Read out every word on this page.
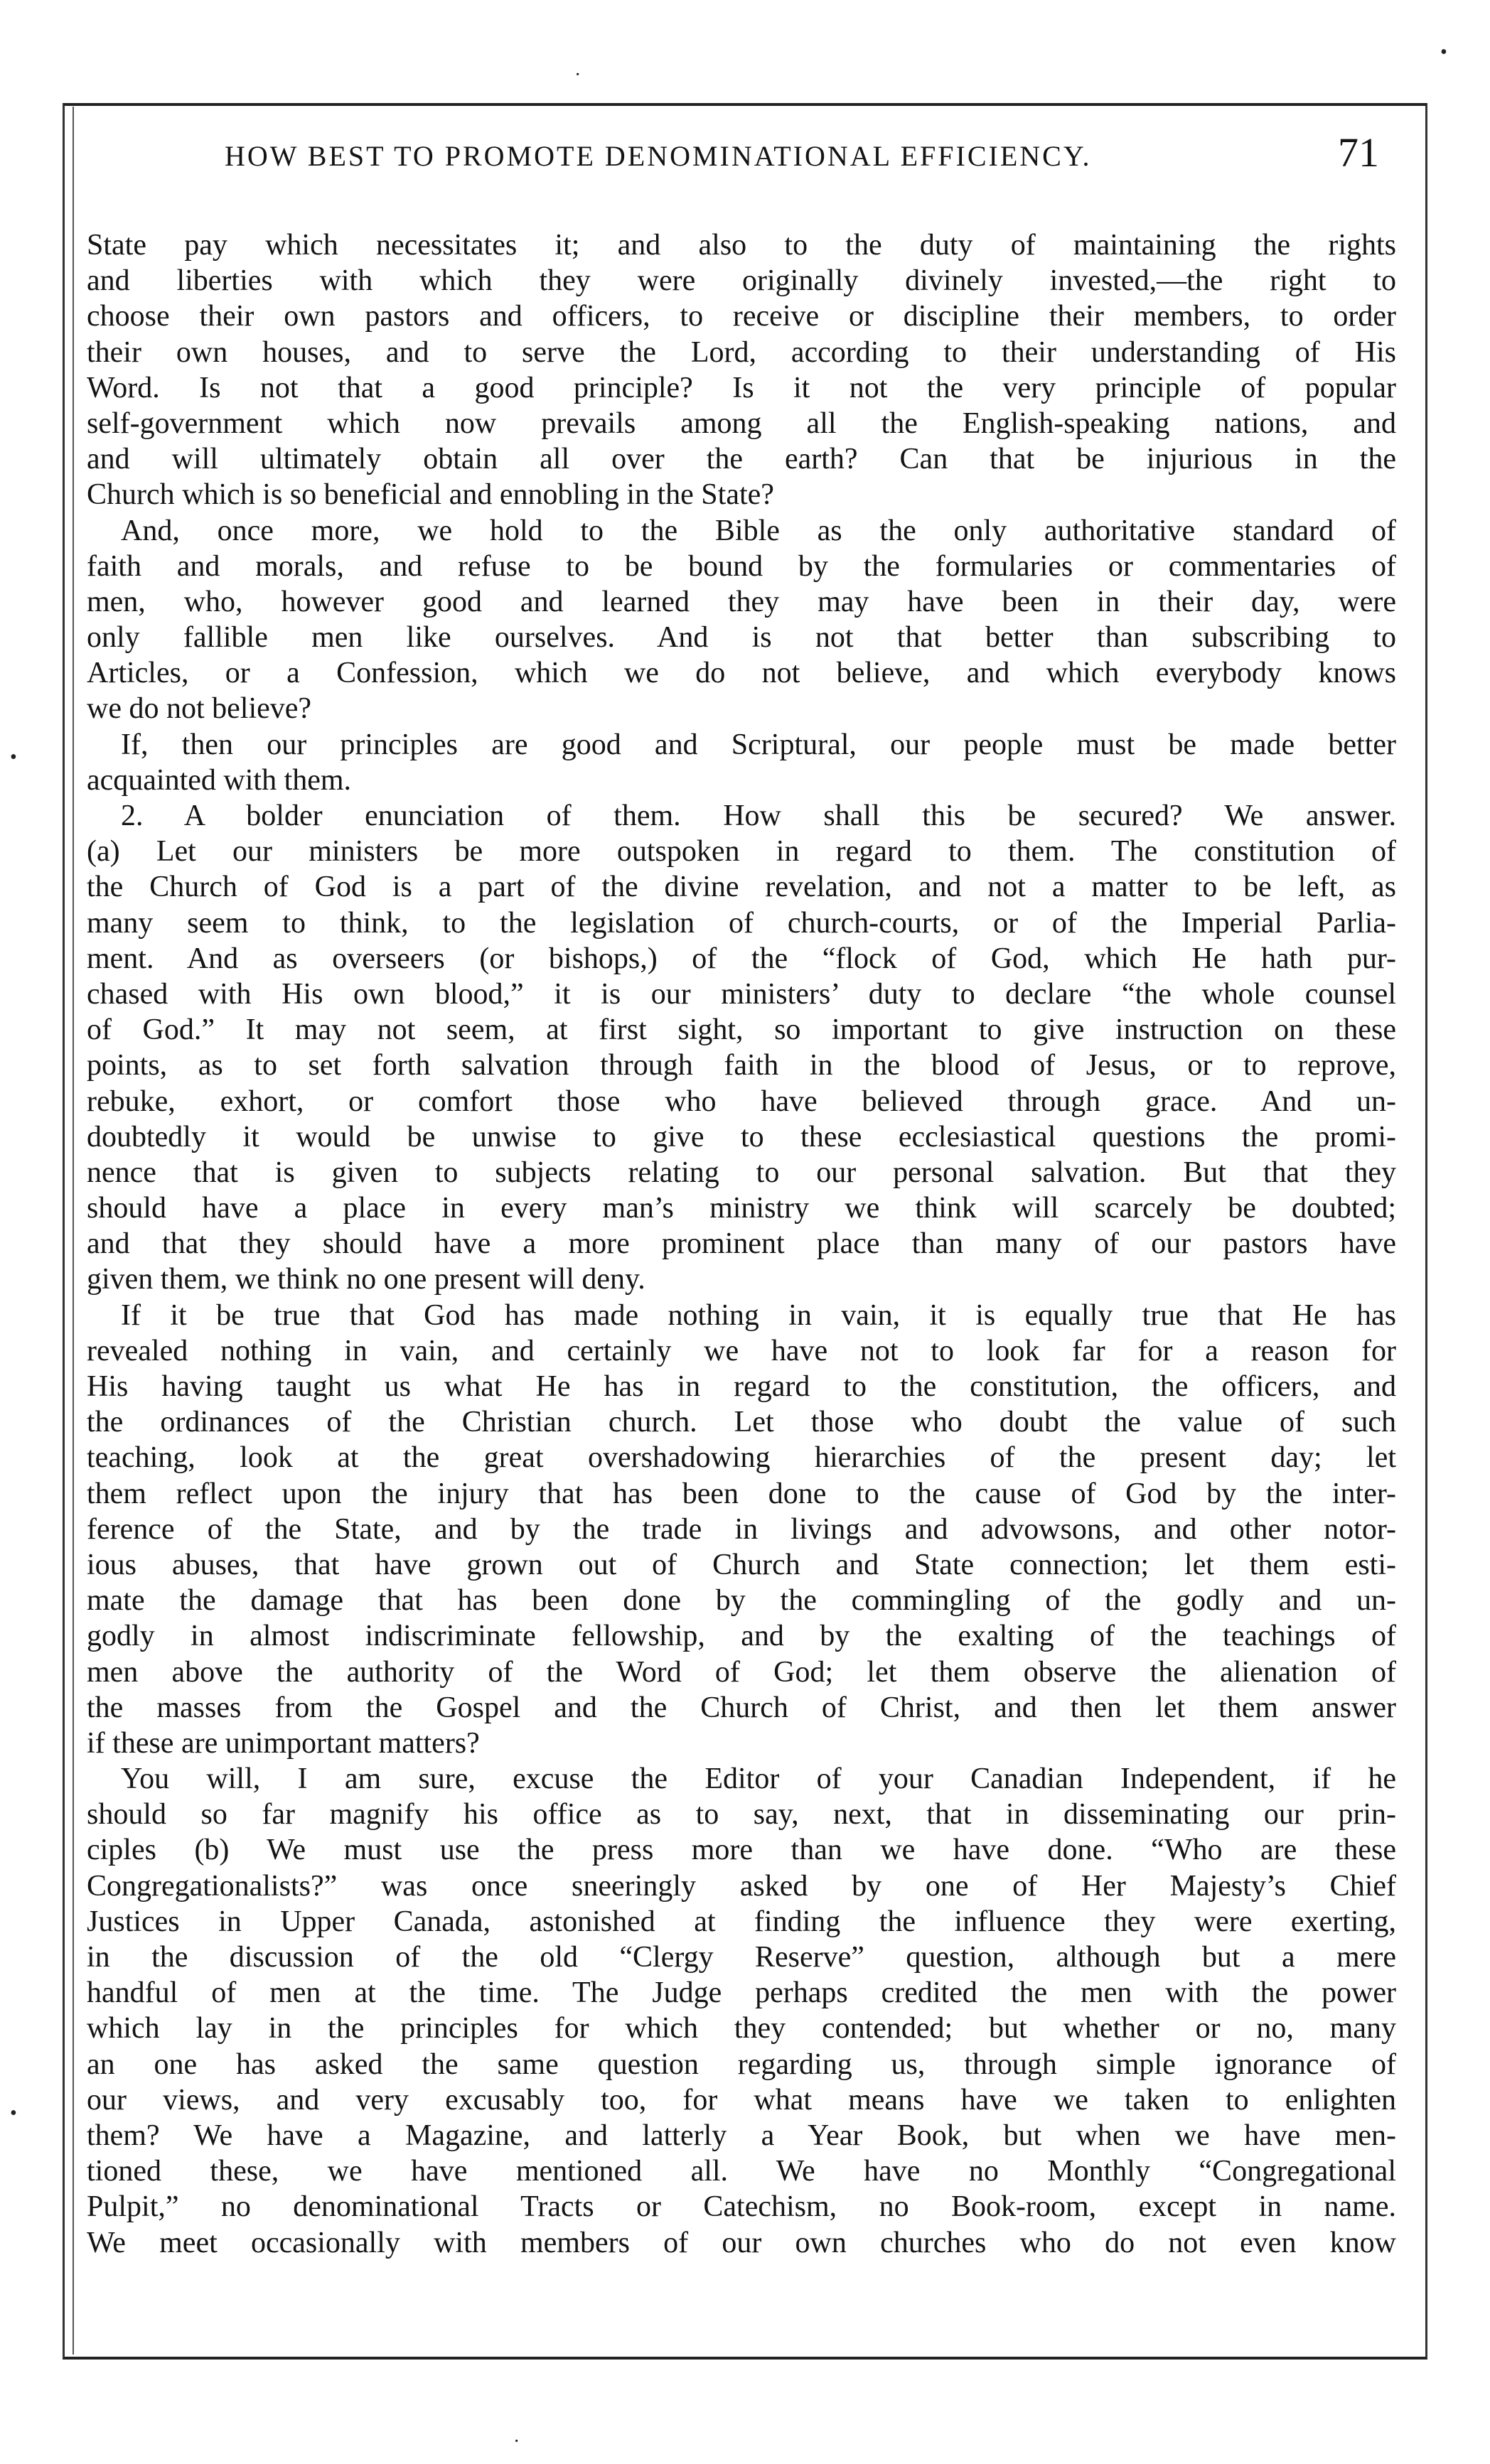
·
•
•
•
·
HOW BEST TO PROMOTE DENOMINATIONAL EFFICIENCY.	71
State pay which necessitates it; and also to the duty of maintaining the rights
and liberties with which they were originally divinely invested,—the right to
choose their own pastors and officers, to receive or discipline their members, to order
their own houses, and to serve the Lord, according to their understanding of His
Word. Is not that a good principle? Is it not the very principle of popular
self-government which now prevails among all the English-speaking nations, and
and will ultimately obtain all over the earth? Can that be injurious in the
Church which is so beneficial and ennobling in the State?
And, once more, we hold to the Bible as the only authoritative standard of
faith and morals, and refuse to be bound by the formularies or commentaries of
men, who, however good and learned they may have been in their day, were
only fallible men like ourselves. And is not that better than subscribing to
Articles, or a Confession, which we do not believe, and which everybody knows
we do not believe?
If, then our principles are good and Scriptural, our people must be made better
acquainted with them.
2. A bolder enunciation of them. How shall this be secured? We answer.
(a) Let our ministers be more outspoken in regard to them. The constitution of
the Church of God is a part of the divine revelation, and not a matter to be left, as
many seem to think, to the legislation of church-courts, or of the Imperial Parlia-
ment. And as overseers (or bishops,) of the “flock of God, which He hath pur-
chased with His own blood,” it is our ministers’ duty to declare “the whole counsel
of God.” It may not seem, at first sight, so important to give instruction on these
points, as to set forth salvation through faith in the blood of Jesus, or to reprove,
rebuke, exhort, or comfort those who have believed through grace. And un-
doubtedly it would be unwise to give to these ecclesiastical questions the promi-
nence that is given to subjects relating to our personal salvation. But that they
should have a place in every man’s ministry we think will scarcely be doubted;
and that they should have a more prominent place than many of our pastors have
given them, we think no one present will deny.
If it be true that God has made nothing in vain, it is equally true that He has
revealed nothing in vain, and certainly we have not to look far for a reason for
His having taught us what He has in regard to the constitution, the officers, and
the ordinances of the Christian church. Let those who doubt the value of such
teaching, look at the great overshadowing hierarchies of the present day; let
them reflect upon the injury that has been done to the cause of God by the inter-
ference of the State, and by the trade in livings and advowsons, and other notor-
ious abuses, that have grown out of Church and State connection; let them esti-
mate the damage that has been done by the commingling of the godly and un-
godly in almost indiscriminate fellowship, and by the exalting of the teachings of
men above the authority of the Word of God; let them observe the alienation of
the masses from the Gospel and the Church of Christ, and then let them answer
if these are unimportant matters?
You will, I am sure, excuse the Editor of your Canadian Independent, if he
should so far magnify his office as to say, next, that in disseminating our prin-
ciples (b) We must use the press more than we have done. “Who are these
Congregationalists?” was once sneeringly asked by one of Her Majesty’s Chief
Justices in Upper Canada, astonished at finding the influence they were exerting,
in the discussion of the old “Clergy Reserve” question, although but a mere
handful of men at the time. The Judge perhaps credited the men with the power
which lay in the principles for which they contended; but whether or no, many
an one has asked the same question regarding us, through simple ignorance of
our views, and very excusably too, for what means have we taken to enlighten
them? We have a Magazine, and latterly a Year Book, but when we have men-
tioned these, we have mentioned all. We have no Monthly “Congregational
Pulpit,” no denominational Tracts or Catechism, no Book-room, except in name.
We meet occasionally with members of our own churches who do not even know
